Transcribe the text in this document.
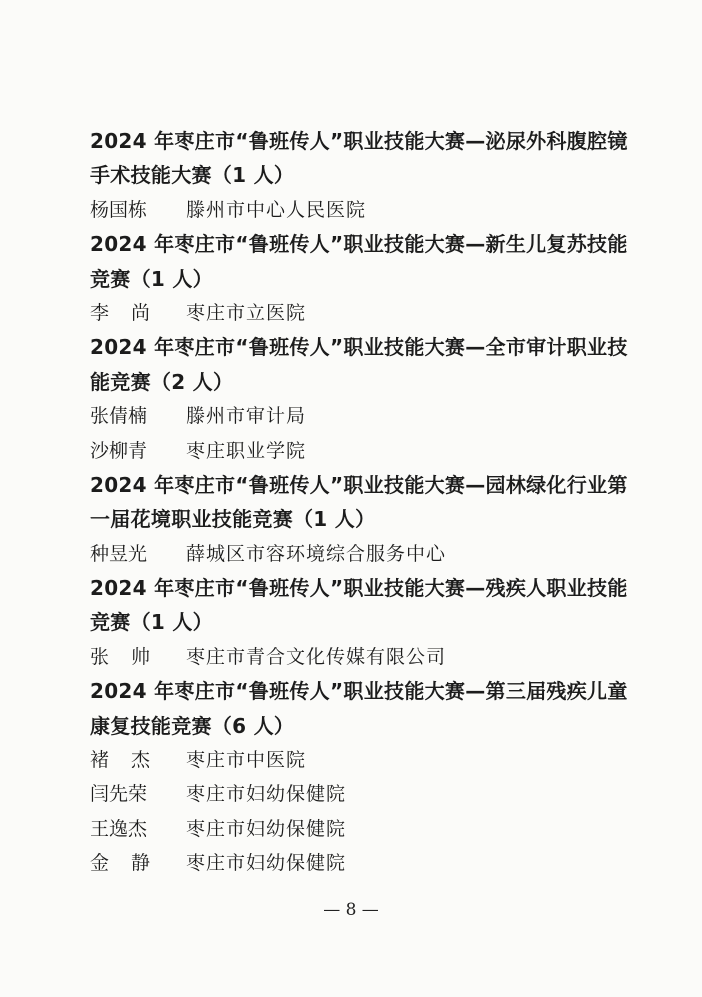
2024 年枣庄市“鲁班传人”职业技能大赛—泌尿外科腹腔镜
手术技能大赛（1 人）
杨国栋	滕州市中心人民医院
2024 年枣庄市“鲁班传人”职业技能大赛—新生儿复苏技能
竞赛（1 人）
李尚 枣庄市立医院
2024 年枣庄市“鲁班传人”职业技能大赛—全市审计职业技
能竞赛（2 人）
张倩楠	滕州市审计局
沙柳青	枣庄职业学院
2024 年枣庄市“鲁班传人”职业技能大赛—园林绿化行业第
一届花境职业技能竞赛（1 人）
种昱光	薛城区市容环境综合服务中心
2024 年枣庄市“鲁班传人”职业技能大赛—残疾人职业技能
竞赛（1 人）
张帅 枣庄市青合文化传媒有限公司
2024 年枣庄市“鲁班传人”职业技能大赛—第三届残疾儿童
康复技能竞赛（6 人）
褚杰 枣庄市中医院
闫先荣	枣庄市妇幼保健院
王逸杰	枣庄市妇幼保健院
金静 枣庄市妇幼保健院
— 8 —
